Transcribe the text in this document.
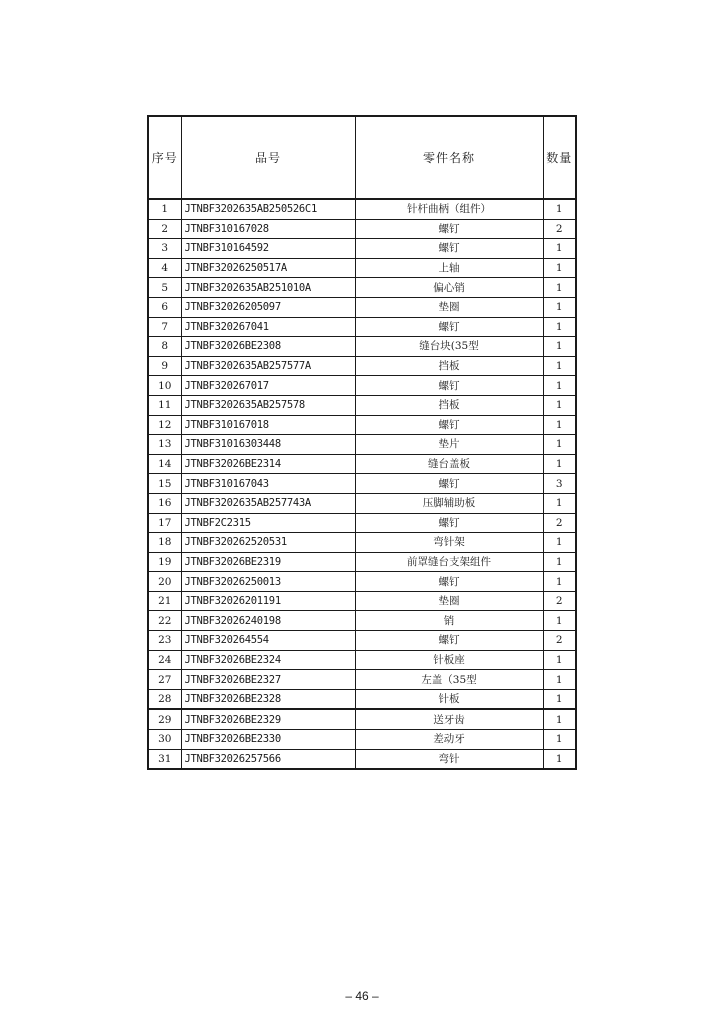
序号	品号	零件名称	数量
1	JTNBF3202635AB250526C1	针杆曲柄（组件）	1
2	JTNBF310167028	螺钉	2
3	JTNBF310164592	螺钉	1
4	JTNBF32026250517A	上轴	1
5	JTNBF3202635AB251010A	偏心销	1
6	JTNBF32026205097	垫圈	1
7	JTNBF320267041	螺钉	1
8	JTNBF32026BE2308	缝台块(35型	1
9	JTNBF3202635AB257577A	挡板	1
10	JTNBF320267017	螺钉	1
11	JTNBF3202635AB257578	挡板	1
12	JTNBF310167018	螺钉	1
13	JTNBF31016303448	垫片	1
14	JTNBF32026BE2314	缝台盖板	1
15	JTNBF310167043	螺钉	3
16	JTNBF3202635AB257743A	压脚辅助板	1
17	JTNBF2C2315	螺钉	2
18	JTNBF320262520531	弯针架	1
19	JTNBF32026BE2319	前罩缝台支架组件	1
20	JTNBF32026250013	螺钉	1
21	JTNBF32026201191	垫圈	2
22	JTNBF32026240198	销	1
23	JTNBF320264554	螺钉	2
24	JTNBF32026BE2324	针板座	1
27	JTNBF32026BE2327	左盖（35型	1
28	JTNBF32026BE2328	针板	1
29	JTNBF32026BE2329	送牙齿	1
30	JTNBF32026BE2330	差动牙	1
31	JTNBF32026257566	弯针	1
– 46 –
